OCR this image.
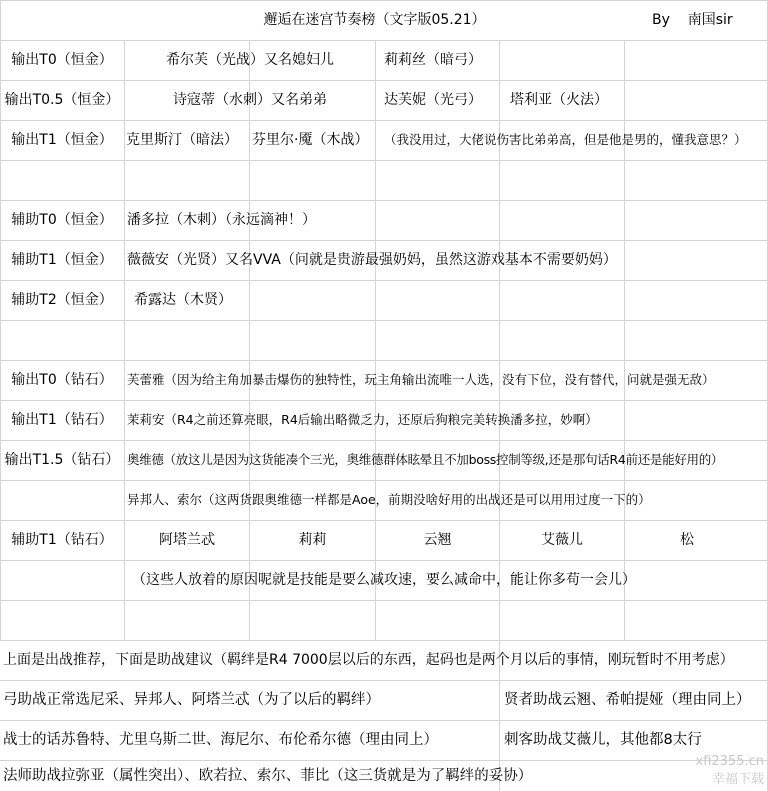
邂逅在迷宫节奏榜（文字版05.21）	By    南国sir
输出T0（恒金）	希尔芙（光战）又名媳妇儿	莉莉丝（暗弓）
输出T0.5（恒金）	诗寇蒂（水刺）又名弟弟	达芙妮（光弓）	塔利亚（火法）
输出T1（恒金） 克里斯汀（暗法）	芬里尔·魇（木战）	（我没用过，大佬说伤害比弟弟高，但是他是男的，懂我意思？）
辅助T0（恒金）	潘多拉（木刺）（永远滴神！）
辅助T1（恒金）	薇薇安（光贤）又名VVA（问就是贵游最强奶妈，虽然这游戏基本不需要奶妈）
辅助T2（恒金）	希露达（木贤）
输出T0（钻石）	芙蕾雅（因为给主角加暴击爆伤的独特性，玩主角输出流唯一人选，没有下位，没有替代，问就是强无敌）
输出T1（钻石）	茉莉安（R4之前还算亮眼，R4后输出略微乏力，还原后狗粮完美转换潘多拉，妙啊）
输出T1.5（钻石） 奥维德（放这儿是因为这货能凑个三光，奥维德群体眩晕且不加boss控制等级,还是那句话R4前还是能好用的）
异邦人、索尔（这两货跟奥维德一样都是Aoe，前期没啥好用的出战还是可以用用过度一下的）
辅助T1（钻石）	阿塔兰忒	莉莉	云翘	艾薇儿	松
（这些人放着的原因呢就是技能是要么减攻速，要么减命中，能让你多苟一会儿）
上面是出战推荐，下面是助战建议（羁绊是R4 7000层以后的东西，起码也是两个月以后的事情，刚玩暂时不用考虑）
弓助战正常选尼采、异邦人、阿塔兰忒（为了以后的羁绊）	贤者助战云翘、希帕提娅（理由同上）
战士的话苏鲁特、尤里乌斯二世、海尼尔、布伦希尔德（理由同上）	刺客助战艾薇儿，其他都8太行
法师助战拉弥亚（属性突出）、欧若拉、索尔、菲比（这三货就是为了羁绊的妥协）
xfi2355.cn
幸福下载
